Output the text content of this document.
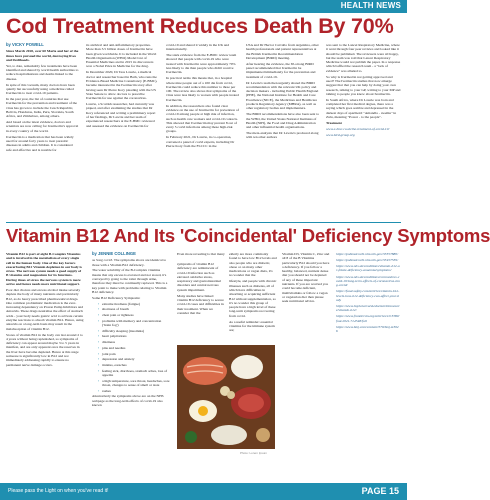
HEALTH NEWS
Cod Treatment Reduces Death By 70%
by VICKY POWELL

Since March 2020, over 60 Maria and her of the times have pursued the world, destroying lives and livelihoods.

Yet, to date, remarkably few treatments have been identified and shared by world health authorities to reduce hospitalisations and deaths linked to the disease.

In spite of this vacuum, many doctors have been quietly but successfully using a medicine called Ivermectin to treat covid-19 patients.

In the past year, the list of countries that use Ivermectin for the prevention and treatment of the virus has grown to include the Czech Republic, Bolivia, Honduras, India, Peru, Slovakia, South Africa, and Zimbabwe, among others.

And based on the latest evidence, doctors and scientists are now calling for Ivermectin's approval in every country of the world.

Ivermectin is a medication that has been widely used for around forty years to treat parasitic diseases in adults and children. It is considered safe and effective and is notable for

its antiviral and anti-inflammatory properties. More than 3.5 billion doses of Ivermectin have been given worldwide. It is included in the World Health Organisation (WHO) Model List of Essential Medicines and in 2015 its discoverers won a Nobel Prize in Medicine for the drug.

In December 2020, Dr Tess Lawrie, a medical doctor and researcher based in Bath, who runs the Evidence-Based Medicine Consultancy (E-BMC), became interested in the Ivermectin story after having seen Dr Pierre Kory pleading with the US State Senate to allow doctors to prescribe Ivermectin for use against the coronavirus.

Lawrie, a Scottish researcher, had currently was piqued, and after examining the studies that Dr Kory referenced and writing a preliminary report of her findings, Dr Lawrie and her team of experienced researchers at the E-BMC reviewed and assessed the evidence on Ivermectin for

covid-19 and shared it widely in the UK and internationally.

The stark evidence from the E-BMC review team showed that people with covid-19 who were treated with Ivermectin were approximately 70% less likely to die than people who didn't receive Ivermectin.

In practical terms this means that, in a hospital where nine people out of a 100 die from covid, Ivermectin could reduce this number to three per 100. The review also shows that symptoms of the virus were less likely to worsen with people treated Ivermectin.

In addition, the researchers also found clear evidence on the use of Ivermectin for prevention of covid-19 among people at high risk of infection, such as health care workers and covid-19 contacts. This showed that Ivermectin may prevent 8 out of every 5 covid infections among these high-risk groups.

In February 2021, Dr Lawrie, in co-operation, convened a panel of covid experts, including Dr Pierre Kory from the FLCCC in the

USA and Dr Hector Carvallo from Argentina, other health professionals and patient representatives at the British Ivermectin Recommendation Development (BIRD) meeting.

After hearing the evidence, the 65-strong BIRD panel recommended that Ivermectin be implemented immediately for the prevention and treatment of covid-19.

Dr Lawrie's team then urgently shared the BIRD recommendation with the relevant UK policy and decision makers - including Public Health England (PHE), the National Institute for Health and Care Excellence (NICE), the Medicines and Healthcare products Regulatory Agency (MHRA), as well as other regulatory bodies and implementers.

The BIRD recommendations have also been sent to the WHO, the United States National Institutes of Health (NIH), the Food and Drug Administration and other influential health organisations.

The meta-analysis that Dr Lawrie's produced along with ten other authors

was sent to the Lancet Respiratory Medicine, where it went through four peer reviews and looked like it should be published. The reviewers were all happy, but the team was told that Lancet Respiratory Medicine would not publish the paper. In a response which baffled the research team - a "lack of evidence" was alluded to.

So why is Ivermectin not getting approved and used? The Ivermectin studies that now emerge suggest that that you can help by doing your own research, talking to your GP, writing to your MP and talking to people you know about Ivermectin.

In South Africa, where Dr Lawrie was born and completed her first medical degree, there was a saying which goes sombre and depressed in the darkest days of apartheid: "Amandla - awethu" in Zulu, meaning "Power - to the people".

Treatment

www.e-bmc.co.uk/the-treatment-of-covid-19/

www.bird-group.org

Vitamin B12 And Its 'Coincidental' Deficiency Symptoms

Vitamin B12 is part of eight B-Complex Vitamins and is involved in the metabolism of every single cell in the human body. One of the key factors exacerbating B12 Vitamin depletion in our body is stress. The nervous system needs a good supply of B vitamins and magnesium for its functions. During times of stress the nervous system is more active and hence needs more nutritional support.

Poor diet choices and excess alcohol intake severely deplete the body of many nutrients and particularly B12, as do heavy prescribed pharmaceutical drugs. One common problematic medication is the ever-increasing dependency on Proton Pump Inhibitors and Antacids. These drugs neutralise the effect of stomach acids - your body needs gastric acid to activate certain enzyme reactions to absorb vitamin B12. Hence, using antacids on a long-term basis may result in the malabsorption of vitamin B12.

Stores of vitamin B12 in the body can last around 2 to 4 years without being replenished, so symptoms of deficiency can appear around maybe 3 to 5 years in manifest, and are only apparent once the reserves in the liver have become depleted. Hence at this stage someone is significantly low in B12 and not immediately addressing rapidly to ensure no permanent nerve damage occurs.

by JENNIE COLLINGE

as 'long covid'. The symptoms above are identical to those with a Vitamin B12 deficiency.

The water solubility of the B-Complex vitamins means that any excess is excreted and not stored, it's conveyed by going to the toilet through urine, therefore they must be continually replaced. This is a key point to make with problems relating to Vitamin B12 deficiency.

Some B12 Deficiency Symptoms:

• extreme tiredness (fatigue)
• shortness of breath
• chest pain or tightness
• problems with memory and concentration ('brain fog')
• difficulty sleeping (insomnia)
• heart palpitations
• dizziness
• pins and needles
• joint pain
• depression and anxiety
• tinnitus, earaches
• feeling sick, diarrhoea, stomach aches, loss of appetite
• a high temperature, sore throat, headaches, sore throat, changes to sense of smell or taste
• rashes

Alternatively the symptoms above are on the NHS webpage as the long-term effects of covid-19 also known

Even more revealing is that many

symptoms of vitamin B12 deficiency are reminiscent of covid-19 infection such as elevated oxidative stress, respiratory and gastrointestinal disorders and central nervous system impairment.

Many studies have linked vitamin B12 deficiency to severe covid-19 cases and difficulties in their treatment. When we consider that the

elderly are more commonly found to have low B12 levels and also people who are diabetic, obese or on many other medications or vegan diets, it's no wonder that the

lifestyle, and people with chronic illnesses such as diabetes, all of which have difficulties in absorbing or acquiring sufficient B12 without supplementation, so it's no wonder this group of people have a high level of these long-term symptoms recovering from covid.

As a useful reminder: essential vitamins for the immune system are;

Photo: Lorem Ipsum

Vitamin D3, Vitamin C, Zinc and all 8 of the B Vitamins particularly B12 should you have a deficiency. If you follow a healthy, balanced, nutrient dense diet you should not be depleted of any of these important nutrients. If you are worried you could become deficient, multivitamins or follow a vegan or vegetarian diet then please seek nutritional advice.

https://pubmed.ncbi.nlm.nih.gov/33357880/

https://pubmed.ncbi.nlm.nih.gov/33457539/

https://www.nhs.uk/conditions/vitamin-b12-or-folate-deficiency-anaemia/symptoms/

https://www.nhs.uk/conditions/coronavirus-covid-19/long-term-effects-of-coronavirus-long-covid/

https://food-safety.com/articles/vitamin-b12-levels-how-b12-deficiency-can-affect-your-body

https://www.hsph.harvard.edu/nutritionsource/vitamin-b12/

https://www.frontiersin.org/articles/10.3389/fnut.2021.714548/full

https://www.bmj.com/content/370/bmj.m3026

Please pass the Light on when you've read it!	PAGE 15
